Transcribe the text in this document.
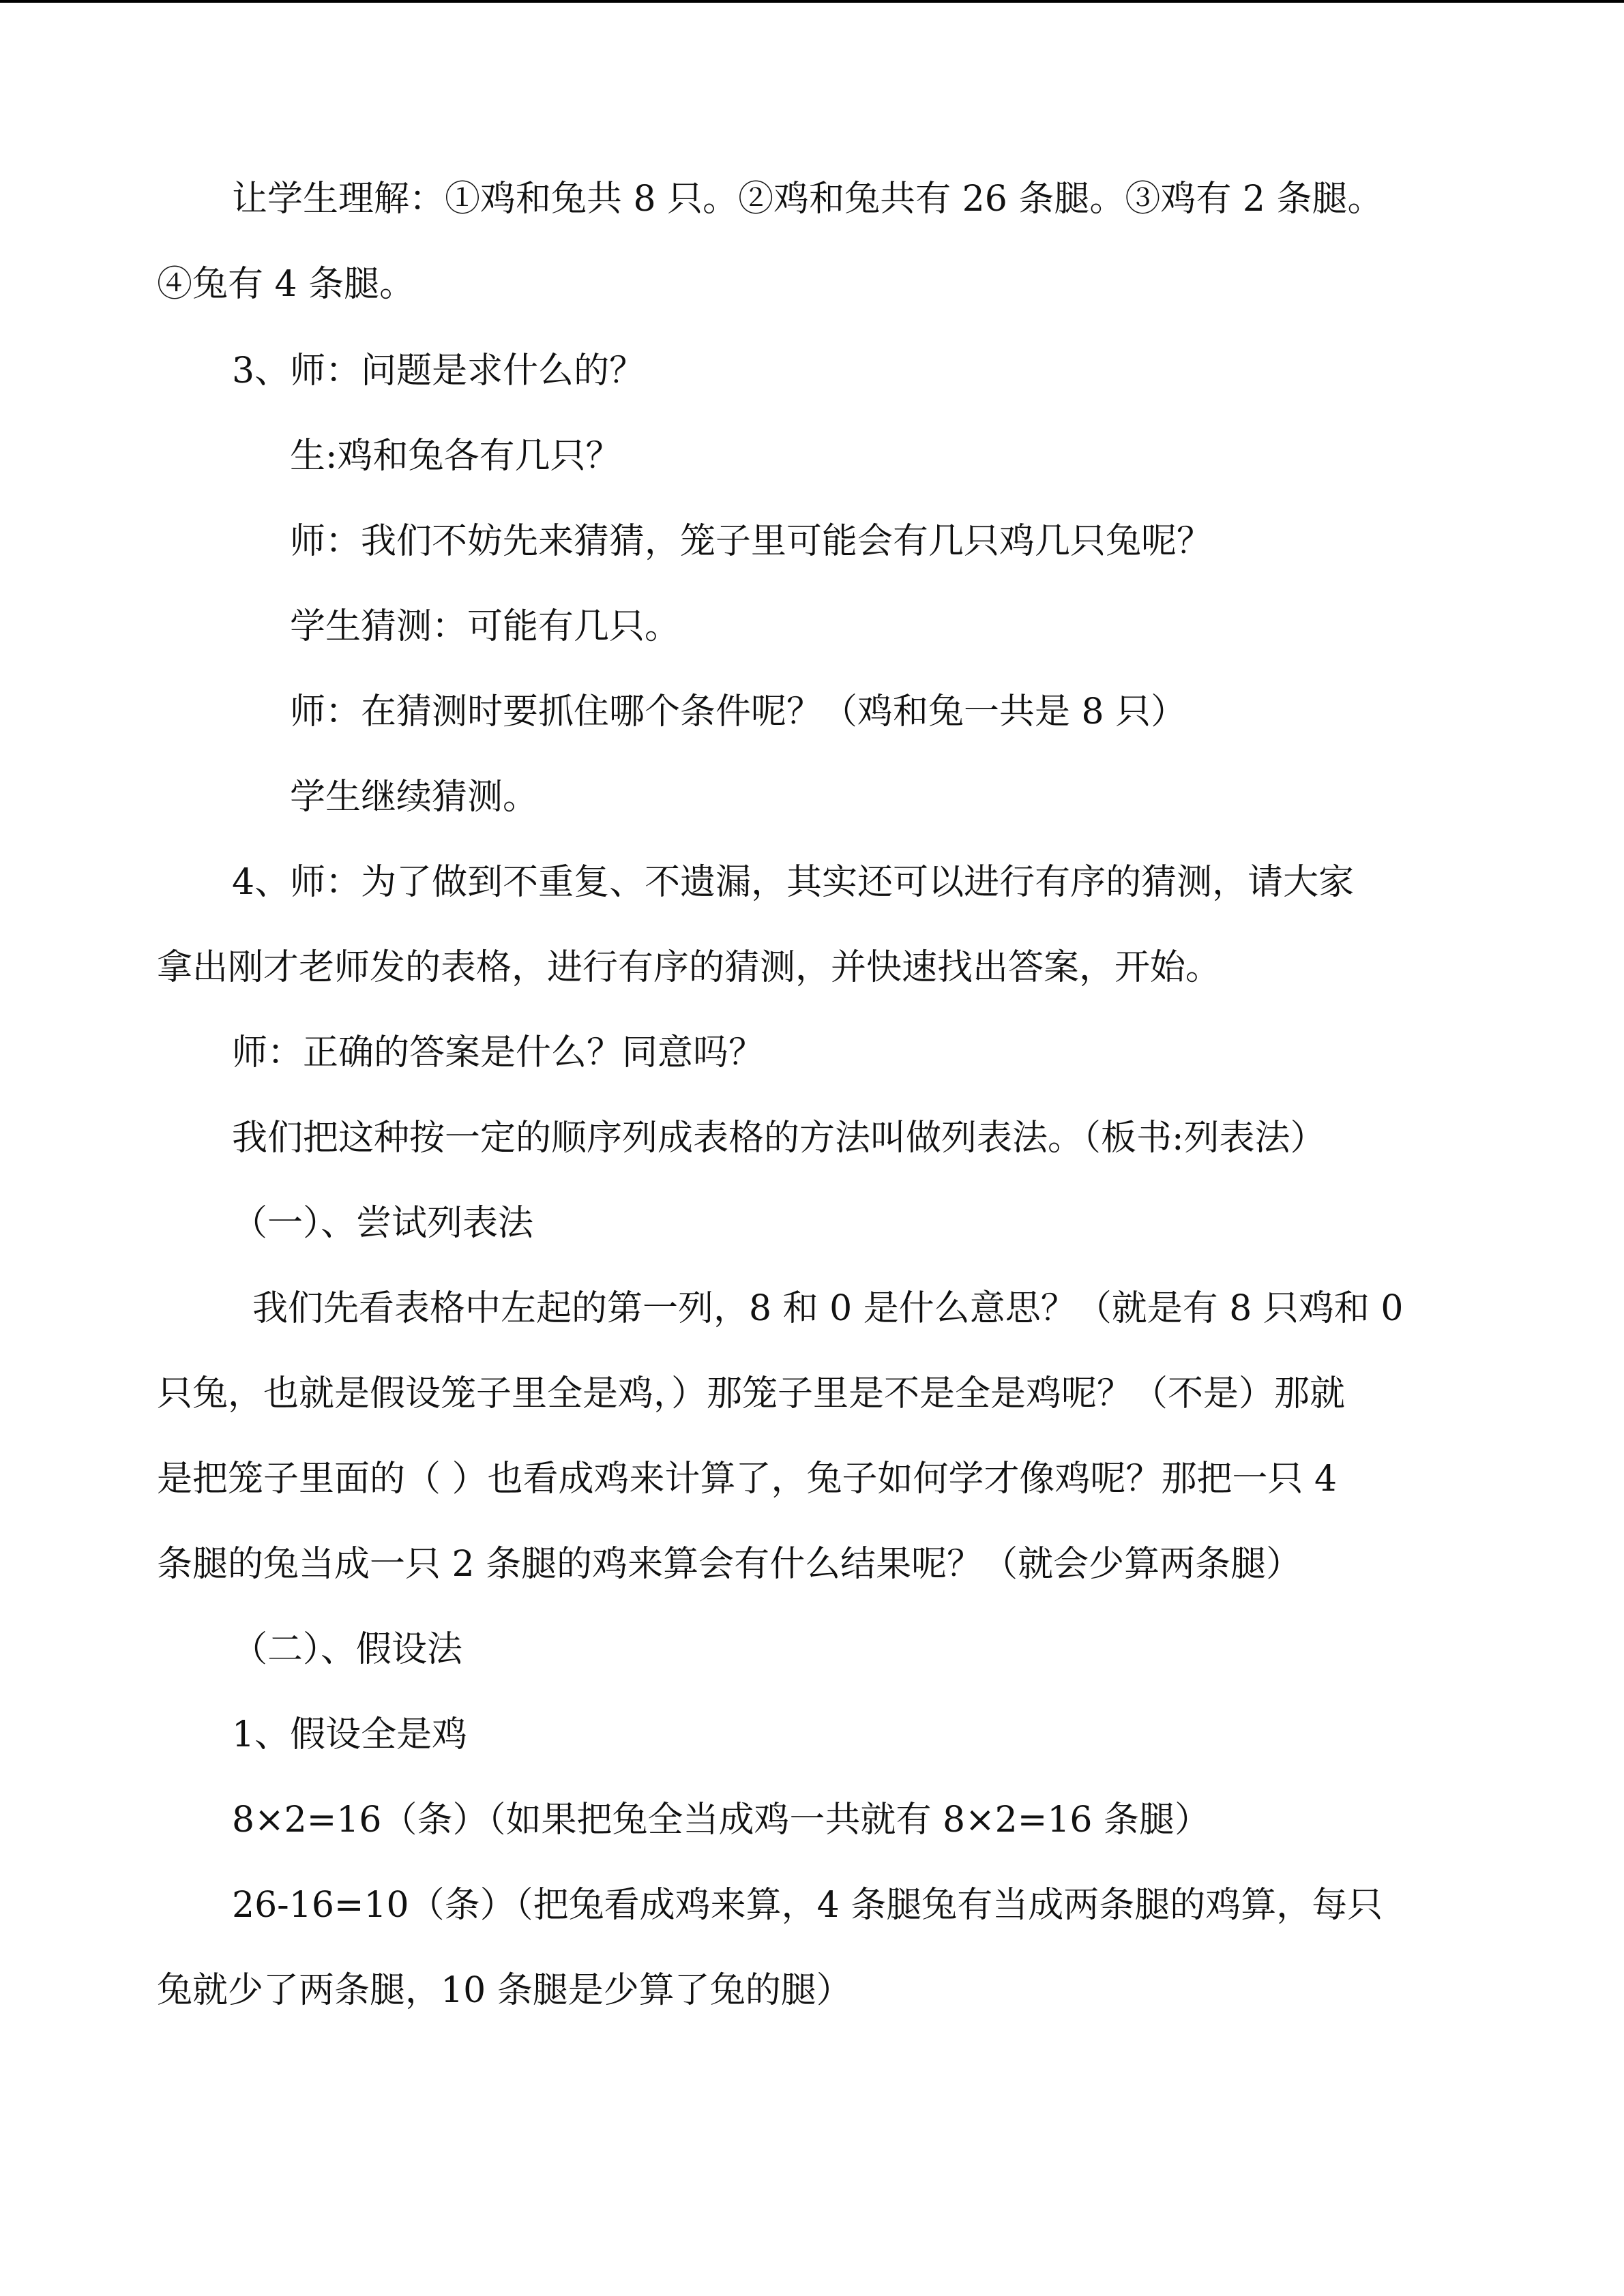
让学生理解：①鸡和兔共 8 只。②鸡和兔共有 26 条腿。③鸡有 2 条腿。
④兔有 4 条腿。
3、师：问题是求什么的？
生:鸡和兔各有几只？
师：我们不妨先来猜猜，笼子里可能会有几只鸡几只兔呢？
学生猜测：可能有几只。
师：在猜测时要抓住哪个条件呢？（鸡和兔一共是 8 只）
学生继续猜测。
4、师：为了做到不重复、不遗漏，其实还可以进行有序的猜测，请大家
拿出刚才老师发的表格，进行有序的猜测，并快速找出答案，开始。
师：正确的答案是什么？同意吗？
我们把这种按一定的顺序列成表格的方法叫做列表法。（板书:列表法）
（一）、尝试列表法
我们先看表格中左起的第一列，8 和 0 是什么意思？（就是有 8 只鸡和 0
只兔，也就是假设笼子里全是鸡，）那笼子里是不是全是鸡呢？（不是）那就
是把笼子里面的（ ）也看成鸡来计算了，兔子如何学才像鸡呢？那把一只 4
条腿的兔当成一只 2 条腿的鸡来算会有什么结果呢？（就会少算两条腿）
（二）、假设法
1、假设全是鸡
8×2=16（条）（如果把兔全当成鸡一共就有 8×2=16 条腿）
26-16=10（条）（把兔看成鸡来算，4 条腿兔有当成两条腿的鸡算，每只
兔就少了两条腿，10 条腿是少算了兔的腿）
